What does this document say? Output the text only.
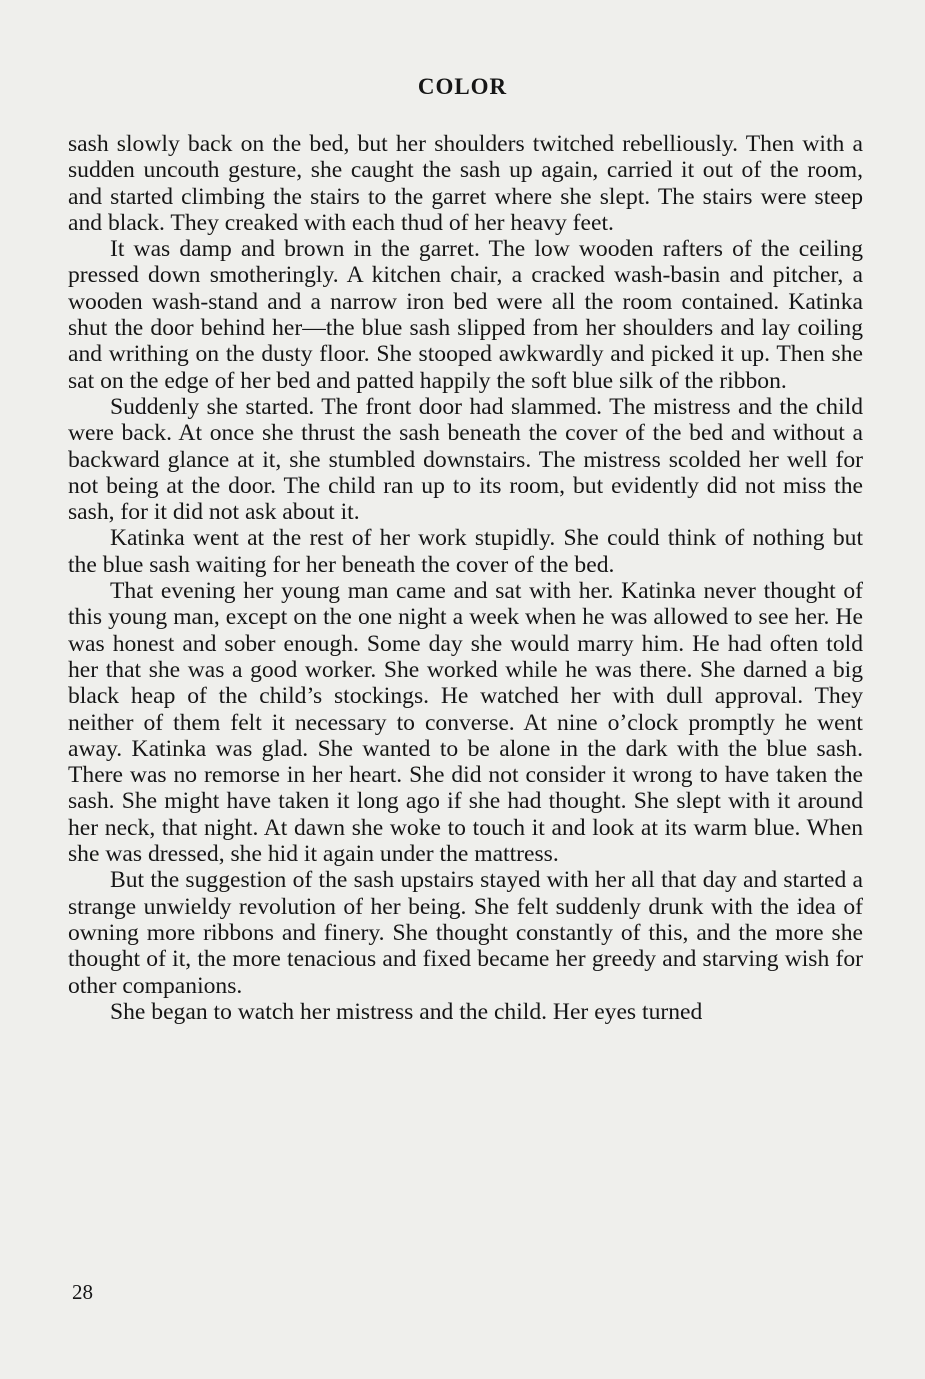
COLOR

sash slowly back on the bed, but her shoulders twitched rebelliously. Then with a sudden uncouth gesture, she caught the sash up again, carried it out of the room, and started climbing the stairs to the garret where she slept. The stairs were steep and black. They creaked with each thud of her heavy feet.

It was damp and brown in the garret. The low wooden rafters of the ceiling pressed down smotheringly. A kitchen chair, a cracked wash-basin and pitcher, a wooden wash-stand and a narrow iron bed were all the room contained. Katinka shut the door behind her—the blue sash slipped from her shoulders and lay coiling and writhing on the dusty floor. She stooped awkwardly and picked it up. Then she sat on the edge of her bed and patted happily the soft blue silk of the ribbon.

Suddenly she started. The front door had slammed. The mistress and the child were back. At once she thrust the sash beneath the cover of the bed and without a backward glance at it, she stumbled downstairs. The mistress scolded her well for not being at the door. The child ran up to its room, but evidently did not miss the sash, for it did not ask about it.

Katinka went at the rest of her work stupidly. She could think of nothing but the blue sash waiting for her beneath the cover of the bed.

That evening her young man came and sat with her. Katinka never thought of this young man, except on the one night a week when he was allowed to see her. He was honest and sober enough. Some day she would marry him. He had often told her that she was a good worker. She worked while he was there. She darned a big black heap of the child’s stockings. He watched her with dull approval. They neither of them felt it necessary to converse. At nine o’clock promptly he went away. Katinka was glad. She wanted to be alone in the dark with the blue sash. There was no remorse in her heart. She did not consider it wrong to have taken the sash. She might have taken it long ago if she had thought. She slept with it around her neck, that night. At dawn she woke to touch it and look at its warm blue. When she was dressed, she hid it again under the mattress.

But the suggestion of the sash upstairs stayed with her all that day and started a strange unwieldy revolution of her being. She felt suddenly drunk with the idea of owning more ribbons and finery. She thought constantly of this, and the more she thought of it, the more tenacious and fixed became her greedy and starving wish for other companions.

She began to watch her mistress and the child. Her eyes turned

28
